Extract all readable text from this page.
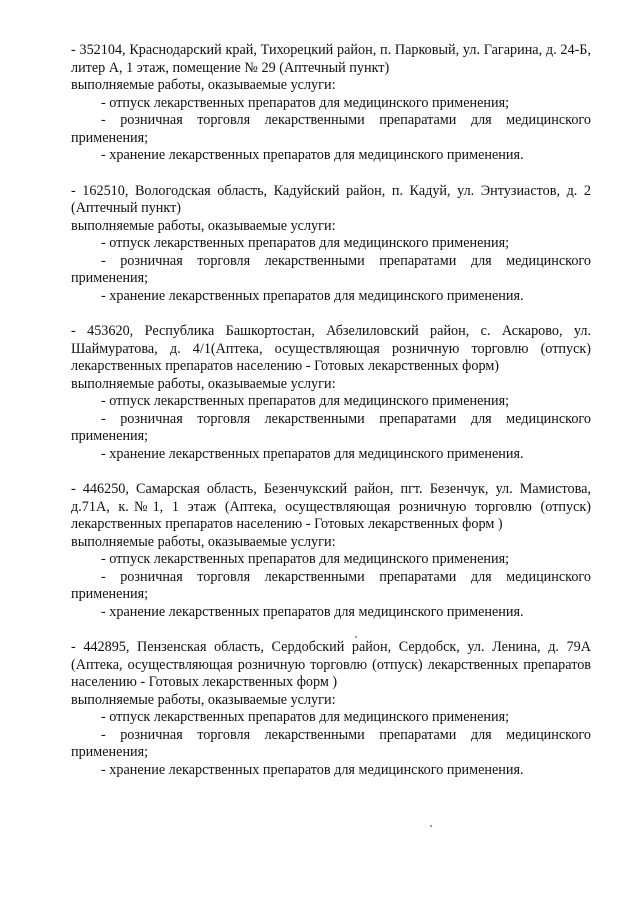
- 352104, Краснодарский край, Тихорецкий район, п. Парковый, ул. Гагарина, д. 24-Б, литер А, 1 этаж, помещение № 29 (Аптечный пункт)
выполняемые работы, оказываемые услуги:
- отпуск лекарственных препаратов для медицинского применения;
- розничная торговля лекарственными препаратами для медицинского применения;
- хранение лекарственных препаратов для медицинского применения.
- 162510, Вологодская область, Кадуйский район, п. Кадуй, ул. Энтузиастов, д. 2 (Аптечный пункт)
выполняемые работы, оказываемые услуги:
- отпуск лекарственных препаратов для медицинского применения;
- розничная торговля лекарственными препаратами для медицинского применения;
- хранение лекарственных препаратов для медицинского применения.
- 453620, Республика Башкортостан, Абзелиловский район, с. Аскарово, ул. Шаймуратова, д. 4/1(Аптека, осуществляющая розничную торговлю (отпуск) лекарственных препаратов населению - Готовых лекарственных форм)
выполняемые работы, оказываемые услуги:
- отпуск лекарственных препаратов для медицинского применения;
- розничная торговля лекарственными препаратами для медицинского применения;
- хранение лекарственных препаратов для медицинского применения.
- 446250, Самарская область, Безенчукский район, пгт. Безенчук, ул. Мамистова, д.71А, к.№1, 1 этаж (Аптека, осуществляющая розничную торговлю (отпуск) лекарственных препаратов населению - Готовых лекарственных форм )
выполняемые работы, оказываемые услуги:
- отпуск лекарственных препаратов для медицинского применения;
- розничная торговля лекарственными препаратами для медицинского применения;
- хранение лекарственных препаратов для медицинского применения.
- 442895, Пензенская область, Сердобский район, Сердобск, ул. Ленина, д. 79А (Аптека, осуществляющая розничную торговлю (отпуск) лекарственных препаратов населению - Готовых лекарственных форм )
выполняемые работы, оказываемые услуги:
- отпуск лекарственных препаратов для медицинского применения;
- розничная торговля лекарственными препаратами для медицинского применения;
- хранение лекарственных препаратов для медицинского применения.
